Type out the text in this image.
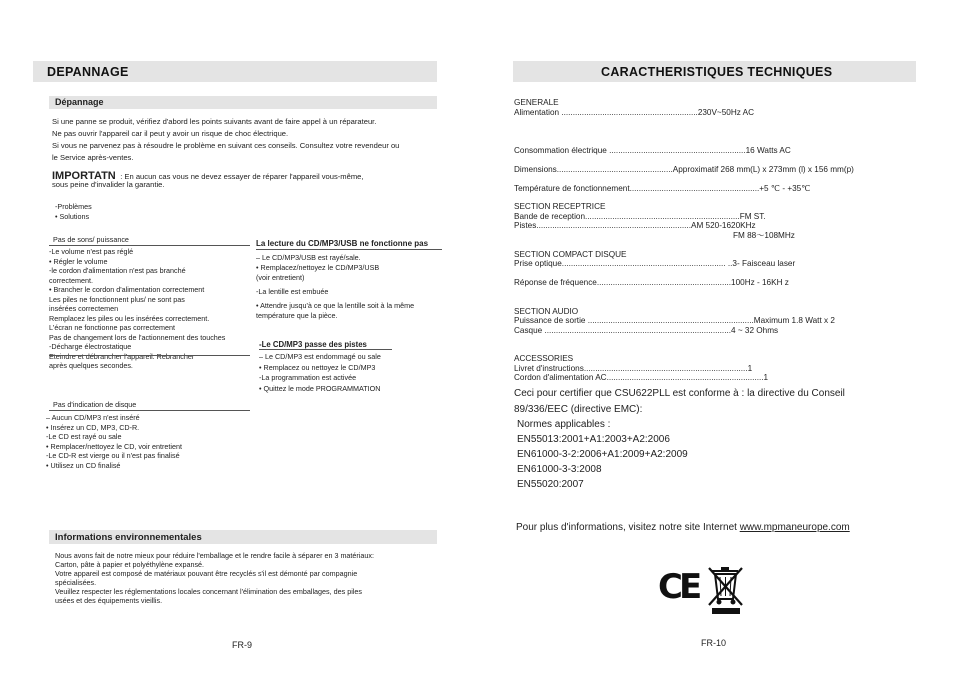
DEPANNAGE
Dépannage
Si une panne se produit, vérifiez d'abord les points suivants avant de faire appel à un réparateur.
Ne pas ouvrir l'appareil car il peut y avoir un risque de choc électrique.
Si vous ne parvenez pas à résoudre le problème en suivant ces conseils. Consultez votre revendeur ou
le Service après-ventes.
IMPORTATN : En aucun cas vous ne devez essayer de réparer l'appareil vous-même,
sous peine d'invalider la garantie.
-Problèmes
• Solutions
Pas de sons/ puissance
-Le volume n'est pas réglé
• Régler le volume
-le cordon d'alimentation n'est pas branché
correctement.
• Brancher le cordon d'alimentation correctement
Les piles ne fonctionnent plus/ ne sont pas
insérées correctemen
Remplacez les piles ou les insérées correctement.
L'écran ne fonctionne pas correctement
Pas de changement lors de l'actionnement des touches
-Décharge électrostatique
Eteindre et débrancher l'appareil. Rebrancher
après quelques secondes.
Pas d'indication de disque
– Aucun CD/MP3 n'est inséré
• Insérez un CD, MP3, CD-R.
-Le CD est rayé ou sale
• Remplacer/nettoyez le CD, voir entretient
-Le CD-R est vierge ou il n'est pas finalisé
• Utilisez un CD finalisé
La lecture du CD/MP3/USB ne fonctionne pas
– Le CD/MP3/USB est rayé/sale.
• Remplacez/nettoyez le CD/MP3/USB
(voir entretient)
-La lentille est embuée
• Attendre jusqu'à ce que la lentille soit à la même
température que la pièce.
-Le CD/MP3 passe des pistes
– Le CD/MP3 est endommagé ou sale
• Remplacez ou nettoyez le CD/MP3
-La programmation est activée
• Quittez le mode PROGRAMMATION
Informations environnementales
Nous avons fait de notre mieux pour réduire l'emballage et le rendre facile à séparer en 3 matériaux:
Carton, pâte à papier et polyéthylène expansé.
Votre appareil est composé de matériaux pouvant être recyclés s'il est démonté par compagnie
spécialisées.
Veuillez respecter les réglementations locales concernant l'élimination des emballages, des piles
usées et des équipements vieillis.
FR-9
CARACTHERISTIQUES TECHNIQUES
GENERALE
Alimentation ............................................................230V~50Hz AC
Consommation électrique ............................................................16 Watts AC
Dimensions...................................................Approximatif 268 mm(L) x 273mm (l) x 156 mm(p)
Température de fonctionnement.........................................................+5 ℃ - +35℃
SECTION RECEPTRICE
Bande de reception....................................................................FM ST.
Pistes....................................................................AM 520-1620KHz
FM 88～108MHz
SECTION COMPACT DISQUE
Prise optique........................................................................ ..3- Faisceau laser
Réponse de fréquence...........................................................100Hz - 16KH z
SECTION AUDIO
Puissance de sortie .........................................................................Maximum 1.8 Watt x 2
Casque ..................................................................................4 ~ 32 Ohms
ACCESSORIES
Livret d'instructions........................................................................1
Cordon d'alimentation AC.....................................................................1
Ceci pour certifier que CSU622PLL est conforme à : la directive du Conseil
89/336/EEC (directive EMC):
Normes applicables :
EN55013:2001+A1:2003+A2:2006
EN61000-3-2:2006+A1:2009+A2:2009
EN61000-3-3:2008
EN55020:2007
Pour plus d'informations, visitez notre site Internet www.mpmaneurope.com
CE
FR-10
